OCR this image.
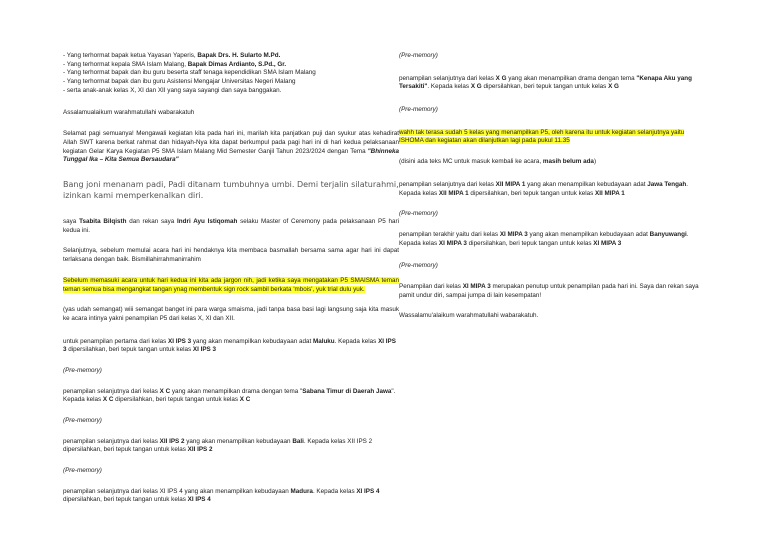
- Yang terhormat bapak ketua Yayasan Yaperis, Bapak Drs. H. Sularto M.Pd.
- Yang terhormat kepala SMA Islam Malang, Bapak Dimas Ardianto, S.Pd., Gr.
- Yang terhormat bapak dan ibu guru beserta staff tenaga kependidikan SMA Islam Malang
- Yang terhormat bapak dan ibu guru Asistensi Mengajar Universitas Negeri Malang
- serta anak-anak kelas X, XI dan XII yang saya sayangi dan saya banggakan.

Assalamualaikum warahmatullahi wabarakatuh

Selamat pagi semuanya! Mengawali kegiatan kita pada hari ini, marilah kita panjatkan puji dan syukur atas kehadirat Allah SWT karena berkat rahmat dan hidayah-Nya kita dapat berkumpul pada pagi hari ini di hari kedua pelaksanaan kegiatan Gelar Karya Kegiatan P5 SMA Islam Malang Mid Semester Ganjil Tahun 2023/2024 dengan Tema "Bhinneka Tunggal Ika – Kita Semua Bersaudara"

Bang joni menanam padi, Padi ditanam tumbuhnya umbi. Demi terjalin silaturahmi,
izinkan kami memperkenalkan diri.

saya Tsabita Bilqisth dan rekan saya Indri Ayu Istiqomah selaku Master of Ceremony pada pelaksanaan P5 hari kedua ini.

Selanjutnya, sebelum memulai acara hari ini hendaknya kita membaca basmallah bersama sama agar hari ini dapat terlaksana dengan baik. Bismillahirrahmanirrahim

Sebelum memasuki acara untuk hari kedua ini kita ada jargon nih, jadi ketika saya mengatakan P5 SMAISMA teman teman semua bisa mengangkat tangan ynag membentuk sign rock sambil berkata 'mbois', yuk trial dulu yuk.

(yas udah semangat) wiii semangat banget ini para warga smaisma, jadi tanpa basa basi lagi langsung saja kita masuk ke acara intinya yakni penampilan P5 dari kelas X, XI dan XII.

untuk penampilan pertama dari kelas XI IPS 3 yang akan menampilkan kebudayaan adat Maluku. Kepada kelas XI IPS 3 dipersilahkan, beri tepuk tangan untuk kelas XI IPS 3

(Pre-memory)

penampilan selanjutnya dari kelas X C yang akan menampilkan drama dengan tema "Sabana Timur di Daerah Jawa". Kepada kelas X C dipersilahkan, beri tepuk tangan untuk kelas X C

(Pre-memory)

penampilan selanjutnya dari kelas XII IPS 2 yang akan menampilkan kebudayaan Bali. Kepada kelas XII IPS 2 dipersilahkan, beri tepuk tangan untuk kelas XII IPS 2

(Pre-memory)

penampilan selanjutnya dari kelas XI IPS 4 yang akan menampilkan kebudayaan Madura. Kepada kelas XI IPS 4 dipersilahkan, beri tepuk tangan untuk kelas XI IPS 4

(Pre-memory)

penampilan selanjutnya dari kelas X G yang akan menampilkan drama dengan tema "Kenapa Aku yang Tersakiti". Kepada kelas X G dipersilahkan, beri tepuk tangan untuk kelas X G

(Pre-memory)

wahh tak terasa sudah 5 kelas yang menampilkan P5, oleh karena itu untuk kegiatan selanjutnya yaitu ISHOMA dan kegiatan akan dilanjutkan lagi pada pukul 11.35

(disini ada teks MC untuk masuk kembali ke acara, masih belum ada)

penampilan selanjutnya dari kelas XII MIPA 1 yang akan menampilkan kebudayaan adat Jawa Tengah. Kepada kelas XII MIPA 1 dipersilahkan, beri tepuk tangan untuk kelas XII MIPA 1

(Pre-memory)

penampilan terakhir yaitu dari kelas XI MIPA 3 yang akan menampilkan kebudayaan adat Banyuwangi. Kepada kelas XI MIPA 3 dipersilahkan, beri tepuk tangan untuk kelas XI MIPA 3

(Pre-memory)

Penampilan dari kelas XI MIPA 3 merupakan penutup untuk penampilan pada hari ini. Saya dan rekan saya pamit undur diri, sampai jumpa di lain kesempatan!

Wassalamu'alaikum warahmatullahi wabarakatuh.
